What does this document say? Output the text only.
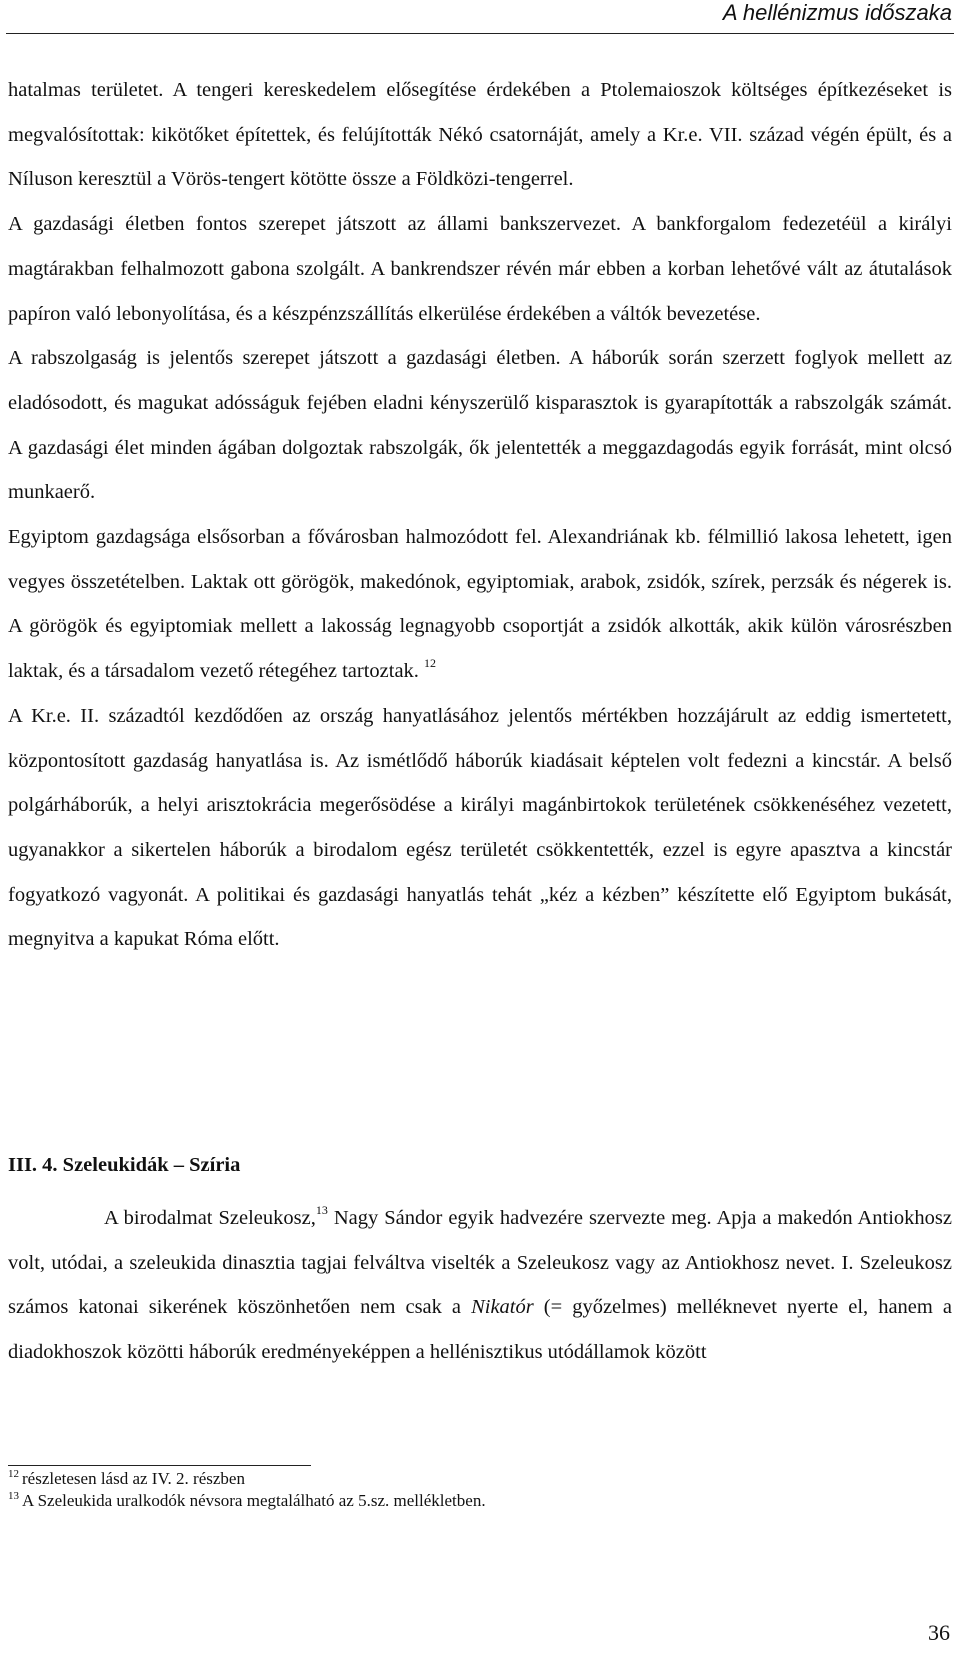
A hellénizmus időszaka

hatalmas területet. A tengeri kereskedelem elősegítése érdekében a Ptolemaioszok költséges építkezéseket is megvalósítottak: kikötőket építettek, és felújították Nékó csatornáját, amely a Kr.e. VII. század végén épült, és a Níluson keresztül a Vörös-tengert kötötte össze a Földközi-tengerrel.

A gazdasági életben fontos szerepet játszott az állami bankszervezet. A bankforgalom fedezetéül a királyi magtárakban felhalmozott gabona szolgált. A bankrendszer révén már ebben a korban lehetővé vált az átutalások papíron való lebonyolítása, és a készpénzszállítás elkerülése érdekében a váltók bevezetése.

A rabszolgaság is jelentős szerepet játszott a gazdasági életben. A háborúk során szerzett foglyok mellett az eladósodott, és magukat adósságuk fejében eladni kényszerülő kisparasztok is gyarapították a rabszolgák számát. A gazdasági élet minden ágában dolgoztak rabszolgák, ők jelentették a meggazdagodás egyik forrását, mint olcsó munkaerő.

Egyiptom gazdagsága elsősorban a fővárosban halmozódott fel. Alexandriának kb. félmillió lakosa lehetett, igen vegyes összetételben. Laktak ott görögök, makedónok, egyiptomiak, arabok, zsidók, szírek, perzsák és négerek is. A görögök és egyiptomiak mellett a lakosság legnagyobb csoportját a zsidók alkották, akik külön városrészben laktak, és a társadalom vezető rétegéhez tartoztak. $^{12}$

A Kr.e. II. századtól kezdődően az ország hanyatlásához jelentős mértékben hozzájárult az eddig ismertetett, központosított gazdaság hanyatlása is. Az ismétlődő háborúk kiadásait képtelen volt fedezni a kincstár. A belső polgárháborúk, a helyi arisztokrácia megerősödése a királyi magánbirtokok területének csökkenéséhez vezetett, ugyanakkor a sikertelen háborúk a birodalom egész területét csökkentették, ezzel is egyre apasztva a kincstár fogyatkozó vagyonát. A politikai és gazdasági hanyatlás tehát „kéz a kézben” készítette elő Egyiptom bukását, megnyitva a kapukat Róma előtt.

III. 4. Szeleukidák – Szíria

A birodalmat Szeleukosz,$^{13}$ Nagy Sándor egyik hadvezére szervezte meg. Apja a makedón Antiokhosz volt, utódai, a szeleukida dinasztia tagjai felváltva viselték a Szeleukosz vagy az Antiokhosz nevet. I. Szeleukosz számos katonai sikerének köszönhetően nem csak a Nikatór (= győzelmes) melléknevet nyerte el, hanem a diadokhoszok közötti háborúk eredményeképpen a hellénisztikus utódállamok között

$^{12}$ részletesen lásd az IV. 2. részben
$^{13}$ A Szeleukida uralkodók névsora megtalálható az 5.sz. mellékletben.
36
